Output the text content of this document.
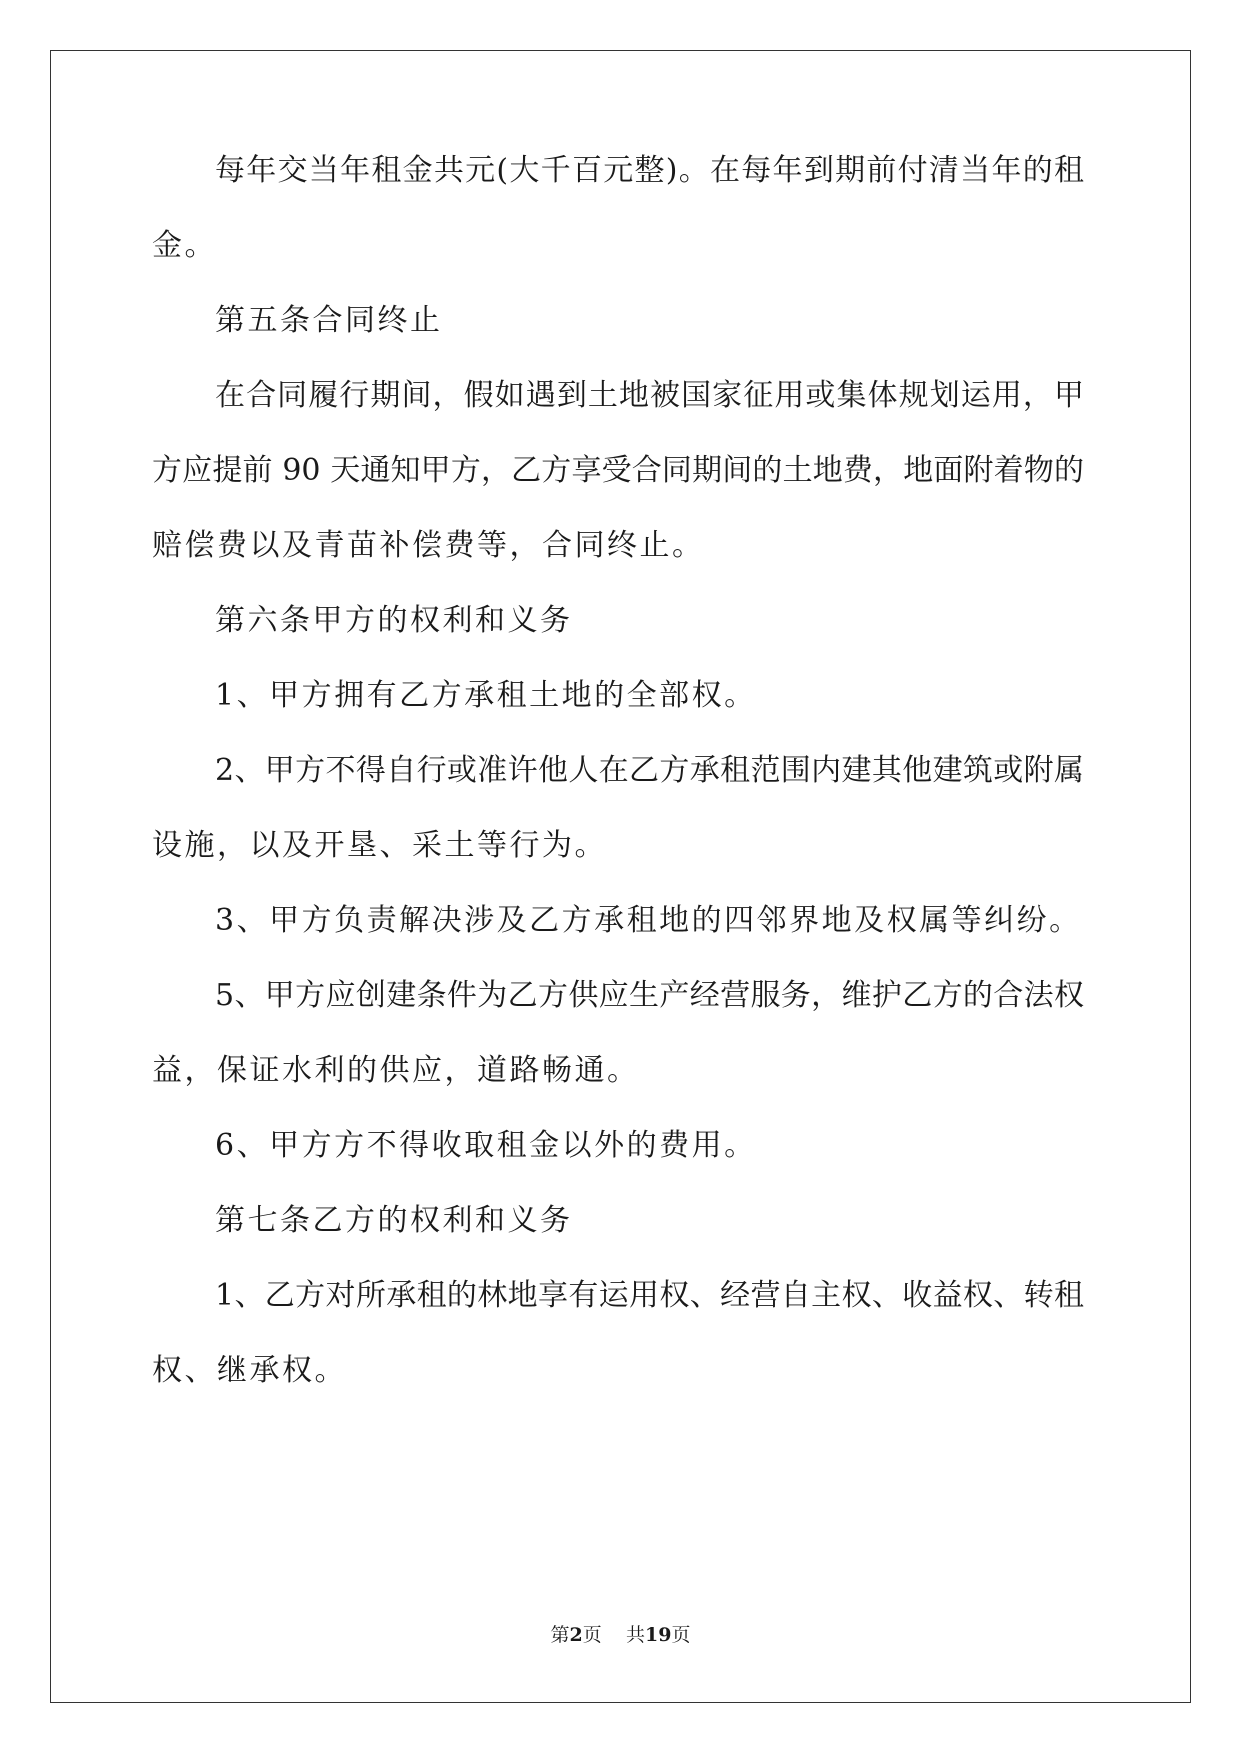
每年交当年租金共元(大千百元整)。在每年到期前付清当年的租
金。
第五条合同终止
在合同履行期间，假如遇到土地被国家征用或集体规划运用，甲
方应提前 90 天通知甲方，乙方享受合同期间的土地费，地面附着物的
赔偿费以及青苗补偿费等，合同终止。
第六条甲方的权利和义务
1、甲方拥有乙方承租土地的全部权。
2、甲方不得自行或准许他人在乙方承租范围内建其他建筑或附属
设施，以及开垦、采土等行为。
3、甲方负责解决涉及乙方承租地的四邻界地及权属等纠纷。
5、甲方应创建条件为乙方供应生产经营服务，维护乙方的合法权
益，保证水利的供应，道路畅通。
6、甲方方不得收取租金以外的费用。
第七条乙方的权利和义务
1、乙方对所承租的林地享有运用权、经营自主权、收益权、转租
权、继承权。
第2页 共19页
